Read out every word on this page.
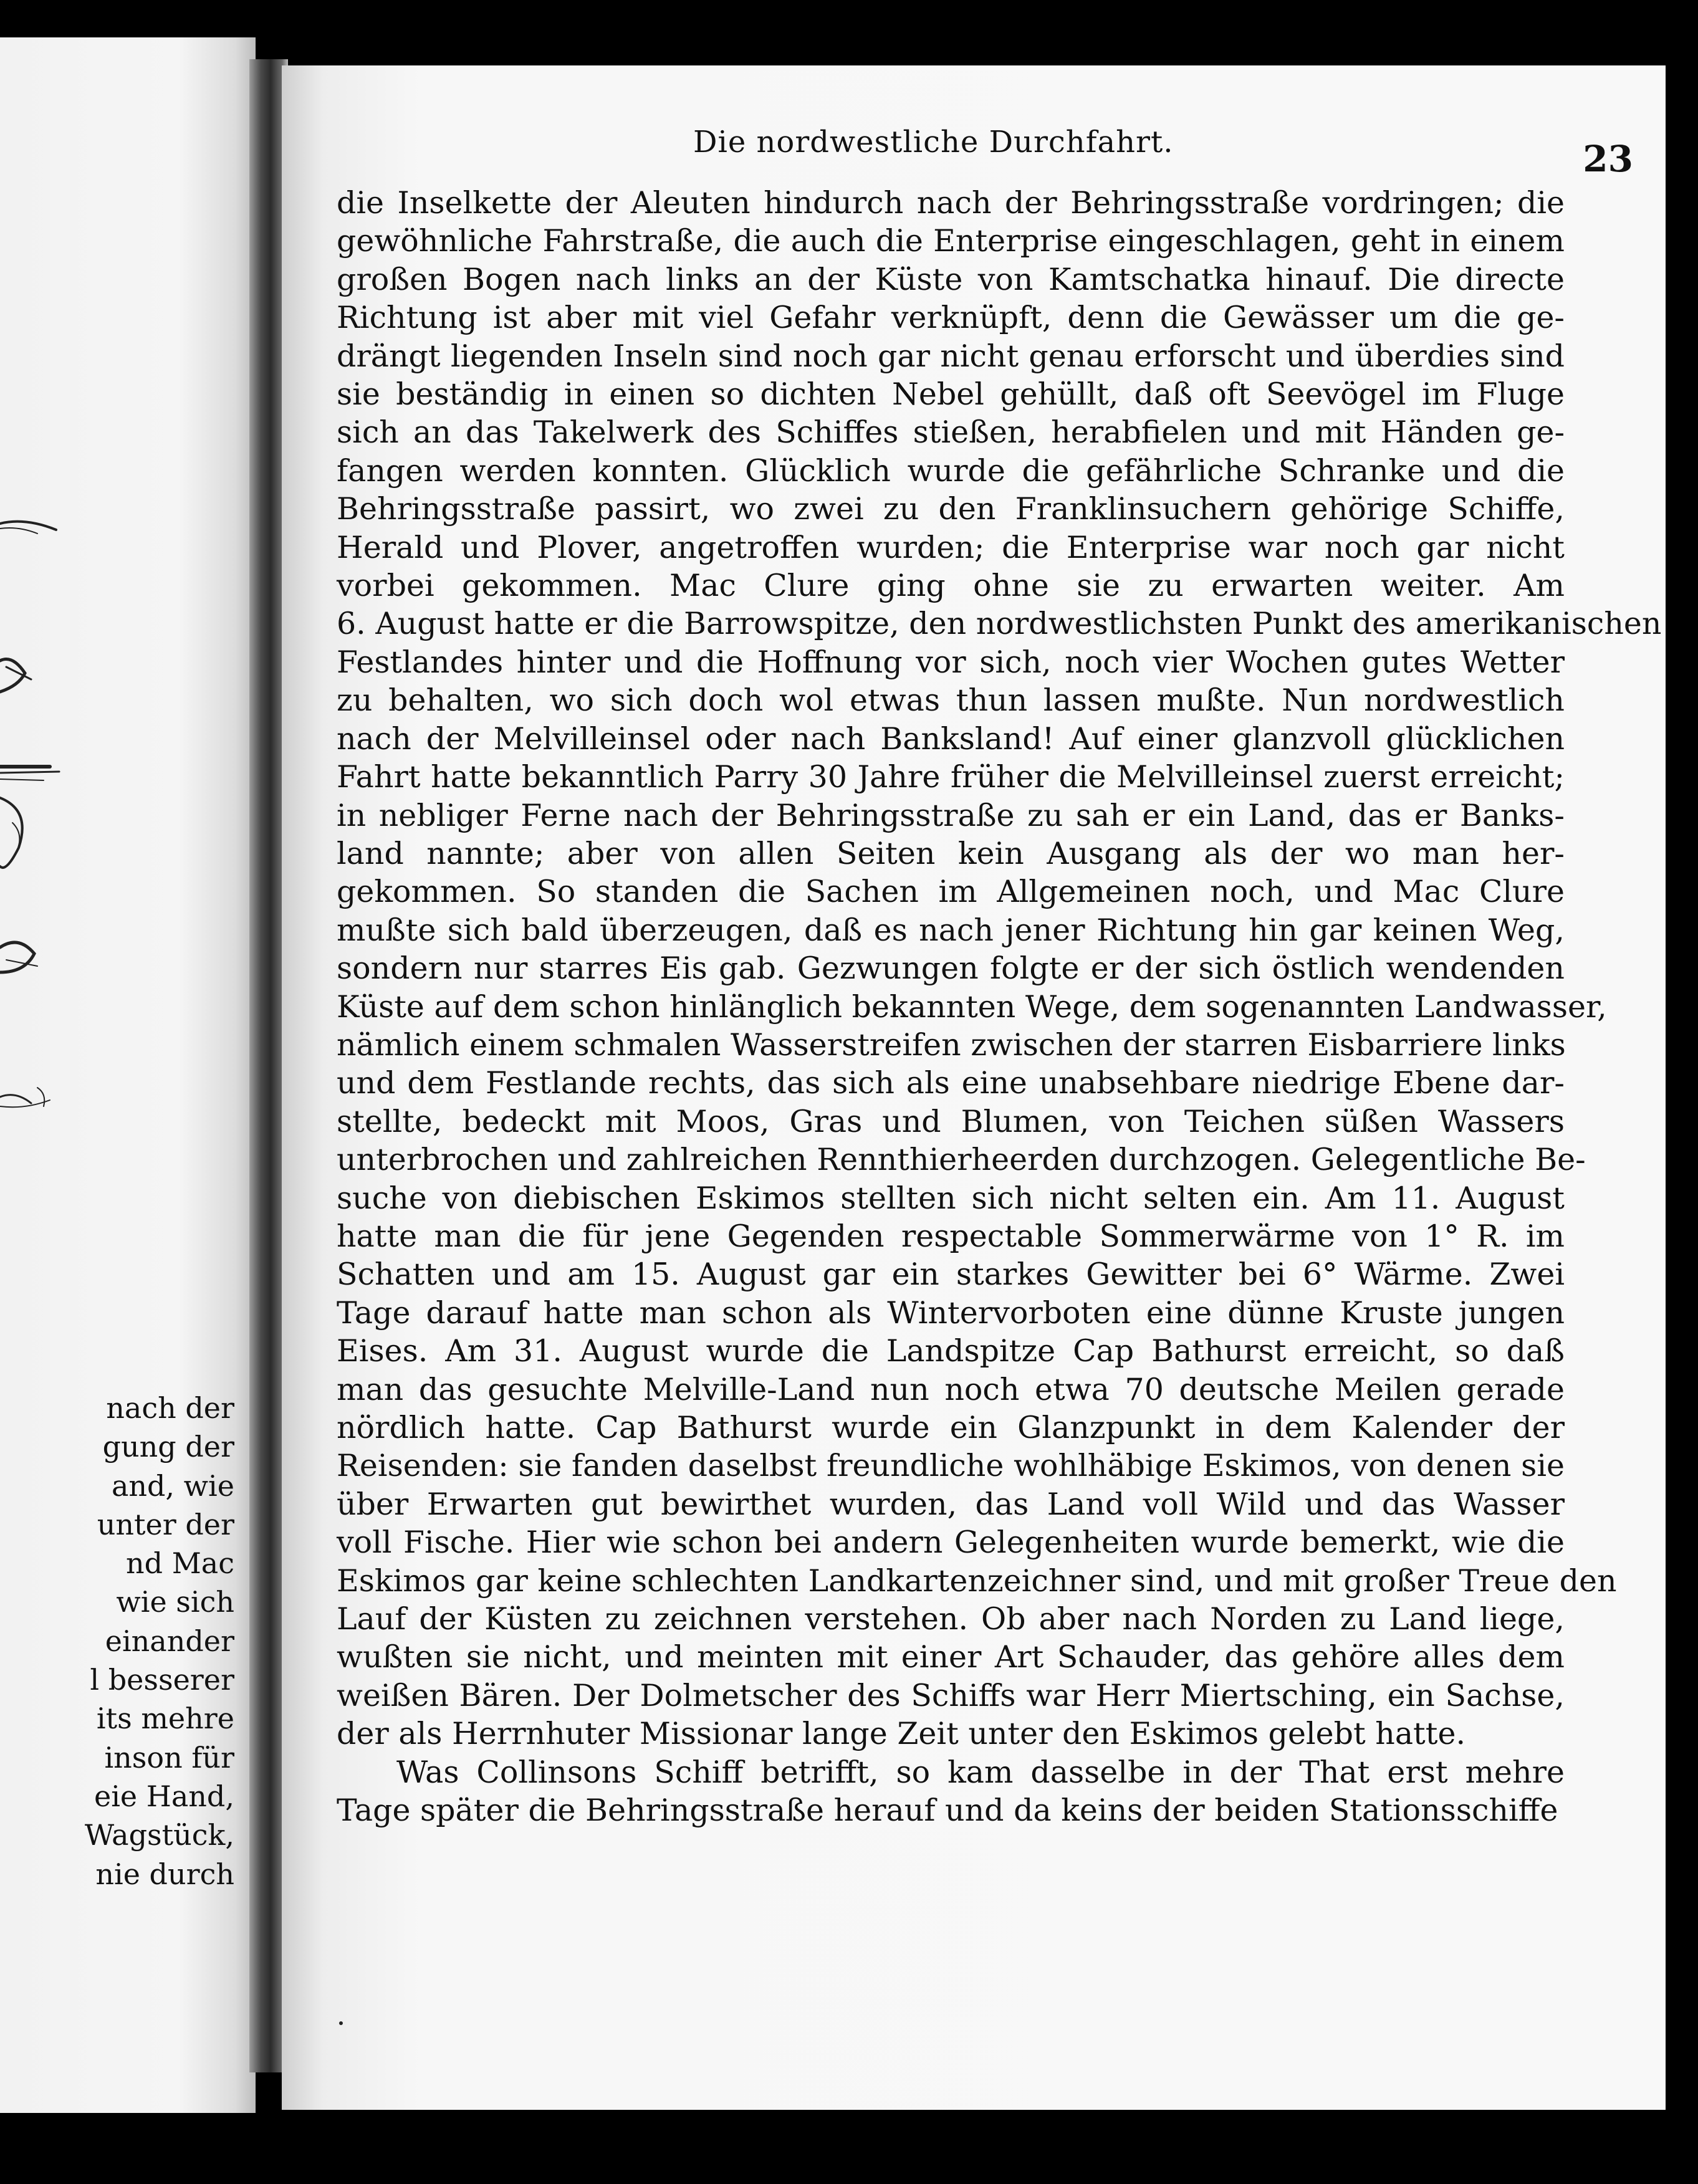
nach der
gung der
and, wie
unter der
nd Mac
wie sich
einander
l besserer
its mehre
inson für
eie Hand,
Wagstück,
nie durch
Die nordwestliche Durchfahrt.	23
die Inselkette der Aleuten hindurch nach der Behringsstraße vordringen; die
gewöhnliche Fahrstraße, die auch die Enterprise eingeschlagen, geht in einem
großen Bogen nach links an der Küste von Kamtschatka hinauf. Die directe
Richtung ist aber mit viel Gefahr verknüpft, denn die Gewässer um die ge-
drängt liegenden Inseln sind noch gar nicht genau erforscht und überdies sind
sie beständig in einen so dichten Nebel gehüllt, daß oft Seevögel im Fluge
sich an das Takelwerk des Schiffes stießen, herabfielen und mit Händen ge-
fangen werden konnten. Glücklich wurde die gefährliche Schranke und die
Behringsstraße passirt, wo zwei zu den Franklinsuchern gehörige Schiffe,
Herald und Plover, angetroffen wurden; die Enterprise war noch gar nicht
vorbei gekommen. Mac Clure ging ohne sie zu erwarten weiter. Am
6. August hatte er die Barrowspitze, den nordwestlichsten Punkt des amerikanischen
Festlandes hinter und die Hoffnung vor sich, noch vier Wochen gutes Wetter
zu behalten, wo sich doch wol etwas thun lassen mußte. Nun nordwestlich
nach der Melvilleinsel oder nach Banksland! Auf einer glanzvoll glücklichen
Fahrt hatte bekanntlich Parry 30 Jahre früher die Melvilleinsel zuerst erreicht;
in nebliger Ferne nach der Behringsstraße zu sah er ein Land, das er Banks-
land nannte; aber von allen Seiten kein Ausgang als der wo man her-
gekommen. So standen die Sachen im Allgemeinen noch, und Mac Clure
mußte sich bald überzeugen, daß es nach jener Richtung hin gar keinen Weg,
sondern nur starres Eis gab. Gezwungen folgte er der sich östlich wendenden
Küste auf dem schon hinlänglich bekannten Wege, dem sogenannten Landwasser,
nämlich einem schmalen Wasserstreifen zwischen der starren Eisbarriere links
und dem Festlande rechts, das sich als eine unabsehbare niedrige Ebene dar-
stellte, bedeckt mit Moos, Gras und Blumen, von Teichen süßen Wassers
unterbrochen und zahlreichen Rennthierheerden durchzogen. Gelegentliche Be-
suche von diebischen Eskimos stellten sich nicht selten ein. Am 11. August
hatte man die für jene Gegenden respectable Sommerwärme von 1° R. im
Schatten und am 15. August gar ein starkes Gewitter bei 6° Wärme. Zwei
Tage darauf hatte man schon als Wintervorboten eine dünne Kruste jungen
Eises. Am 31. August wurde die Landspitze Cap Bathurst erreicht, so daß
man das gesuchte Melville-Land nun noch etwa 70 deutsche Meilen gerade
nördlich hatte. Cap Bathurst wurde ein Glanzpunkt in dem Kalender der
Reisenden: sie fanden daselbst freundliche wohlhäbige Eskimos, von denen sie
über Erwarten gut bewirthet wurden, das Land voll Wild und das Wasser
voll Fische. Hier wie schon bei andern Gelegenheiten wurde bemerkt, wie die
Eskimos gar keine schlechten Landkartenzeichner sind, und mit großer Treue den
Lauf der Küsten zu zeichnen verstehen. Ob aber nach Norden zu Land liege,
wußten sie nicht, und meinten mit einer Art Schauder, das gehöre alles dem
weißen Bären. Der Dolmetscher des Schiffs war Herr Miertsching, ein Sachse,
der als Herrnhuter Missionar lange Zeit unter den Eskimos gelebt hatte.
Was Collinsons Schiff betrifft, so kam dasselbe in der That erst mehre
Tage später die Behringsstraße herauf und da keins der beiden Stationsschiffe
